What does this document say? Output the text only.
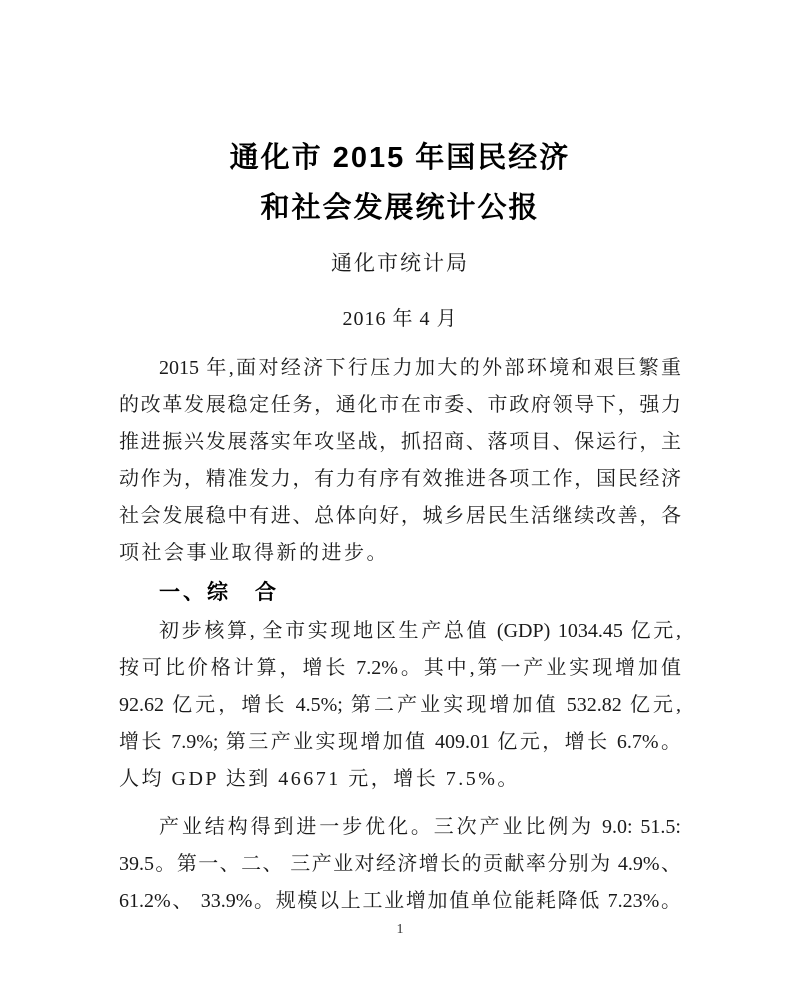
通化市 2015 年国民经济
和社会发展统计公报
通化市统计局
2016 年 4 月
2015 年,面对经济下行压力加大的外部环境和艰巨繁重
的改革发展稳定任务，通化市在市委、市政府领导下，强力
推进振兴发展落实年攻坚战，抓招商、落项目、保运行，主
动作为，精准发力，有力有序有效推进各项工作，国民经济
社会发展稳中有进、总体向好，城乡居民生活继续改善，各
项社会事业取得新的进步。
一、综　合
初步核算, 全市实现地区生产总值 (GDP) 1034.45 亿元,
按可比价格计算，增长 7.2%。其中,第一产业实现增加值
92.62 亿元，增长 4.5%; 第二产业实现增加值 532.82 亿元,
增长 7.9%; 第三产业实现增加值 409.01 亿元，增长 6.7%。
人均 GDP 达到 46671 元，增长 7.5%。
产业结构得到进一步优化。三次产业比例为 9.0: 51.5:
39.5。第一、二、 三产业对经济增长的贡献率分别为 4.9%、
61.2%、 33.9%。规模以上工业增加值单位能耗降低 7.23%。
1
